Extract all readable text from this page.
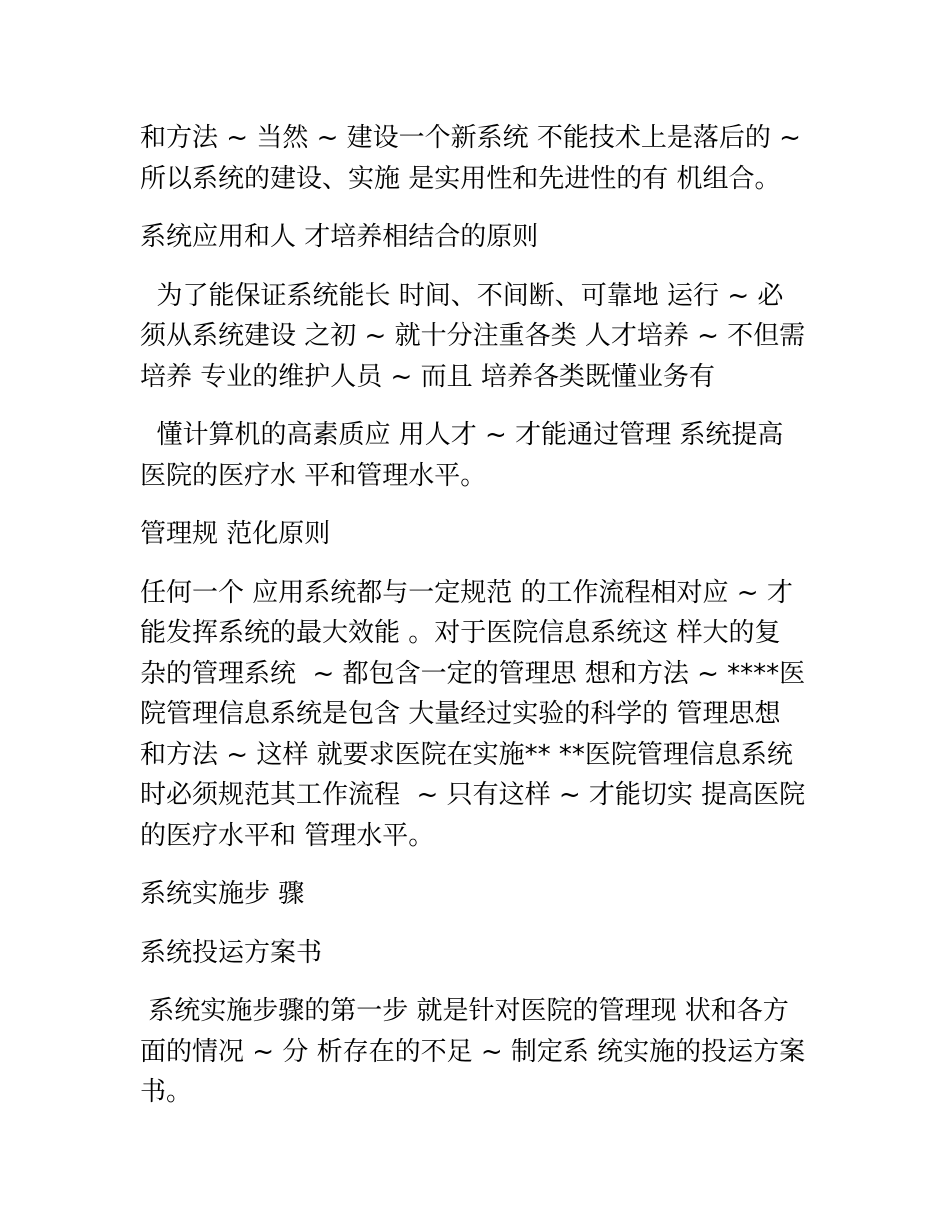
和方法 ~ 当然 ~ 建设一个新系统 不能技术上是落后的 ~
所以系统的建设、实施 是实用性和先进性的有 机组合。

系统应用和人 才培养相结合的原则

为了能保证系统能长 时间、不间断、可靠地 运行 ~ 必
须从系统建设 之初 ~ 就十分注重各类 人才培养 ~ 不但需
培养 专业的维护人员 ~ 而且 培养各类既懂业务有

懂计算机的高素质应 用人才 ~ 才能通过管理 系统提高
医院的医疗水 平和管理水平。

管理规 范化原则

任何一个 应用系统都与一定规范 的工作流程相对应 ~ 才
能发挥系统的最大效能 。对于医院信息系统这 样大的复
杂的管理系统  ~ 都包含一定的管理思 想和方法 ~ ****医
院管理信息系统是包含 大量经过实验的科学的 管理思想
和方法 ~ 这样 就要求医院在实施** **医院管理信息系统
时必须规范其工作流程  ~ 只有这样 ~ 才能切实 提高医院
的医疗水平和 管理水平。

系统实施步 骤

系统投运方案书

系统实施步骤的第一步 就是针对医院的管理现 状和各方
面的情况 ~ 分 析存在的不足 ~ 制定系 统实施的投运方案
书。
